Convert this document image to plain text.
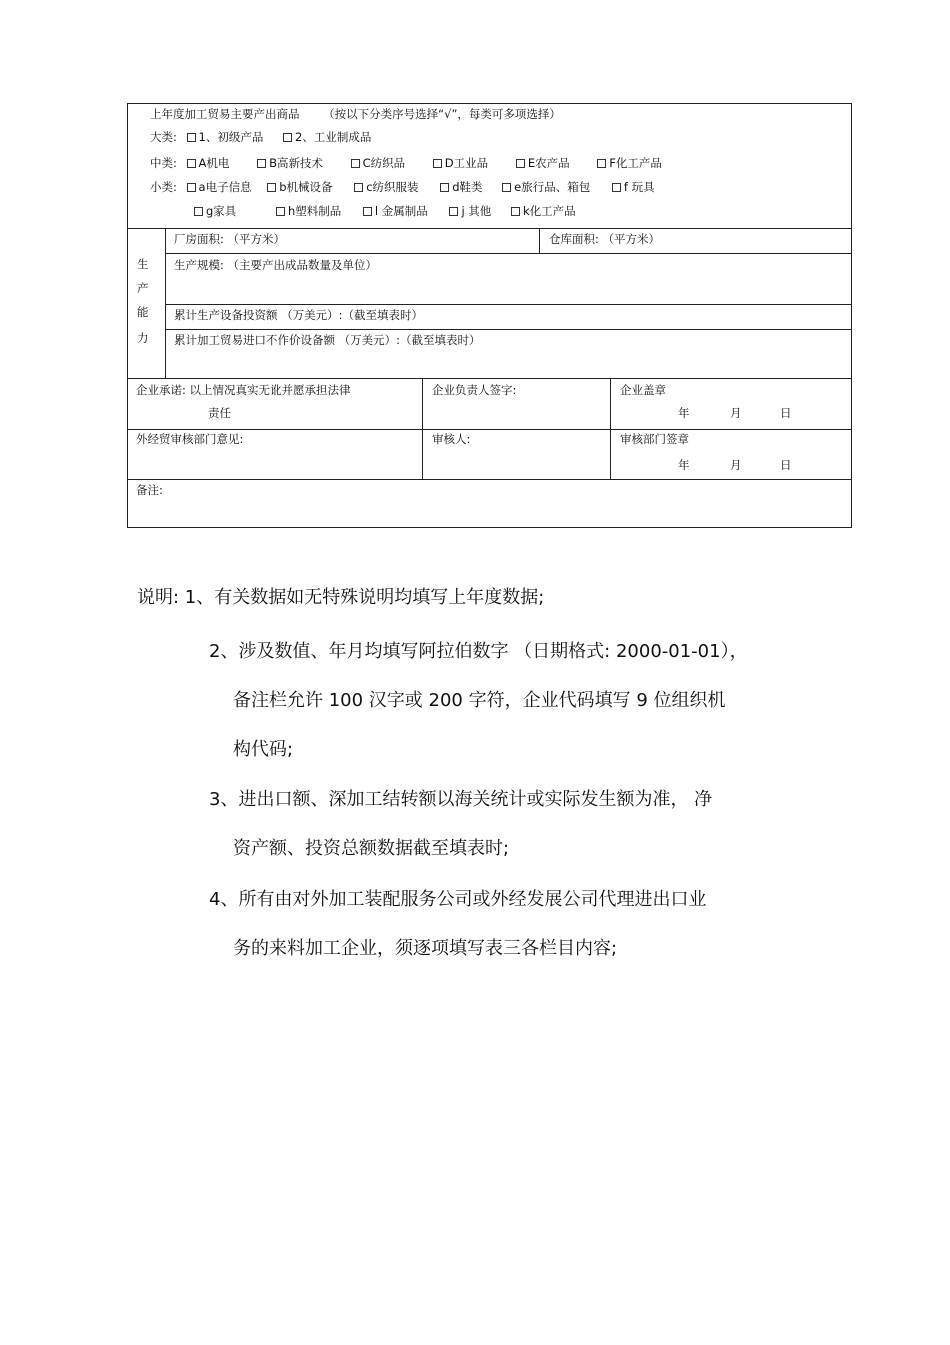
上年度加工贸易主要产出商品 （按以下分类序号选择“√”，每类可多项选择）
大类: 1、初级产品	2、工业制成品
中类: A机电	B高新技术	C纺织品	D工业品	E农产品	F化工产品
小类: a电子信息 b机械设备	c纺织服装	d鞋类	e旅行品、箱包	f 玩具
g家具	h塑料制品	l 金属制品	j 其他	k化工产品
生
产
能
力
厂房面积: （平方米）	仓库面积: （平方米）
生产规模: （主要产出成品数量及单位）
累计生产设备投资额 （万美元）:（截至填表时）
累计加工贸易进口不作价设备额 （万美元）:（截至填表时）
企业承诺: 以上情况真实无讹并愿承担法律
责任
企业负责人签字:	企业盖章
年	月	日
外经贸审核部门意见:	审核人:	审核部门签章
年	月	日
备注:
说明: 1、有关数据如无特殊说明均填写上年度数据;
2、涉及数值、年月均填写阿拉伯数字 （日期格式: 2000-01-01），
备注栏允许 100 汉字或 200 字符，企业代码填写 9 位组织机
构代码;
3、进出口额、深加工结转额以海关统计或实际发生额为准， 净
资产额、投资总额数据截至填表时;
4、所有由对外加工装配服务公司或外经发展公司代理进出口业
务的来料加工企业，须逐项填写表三各栏目内容;
